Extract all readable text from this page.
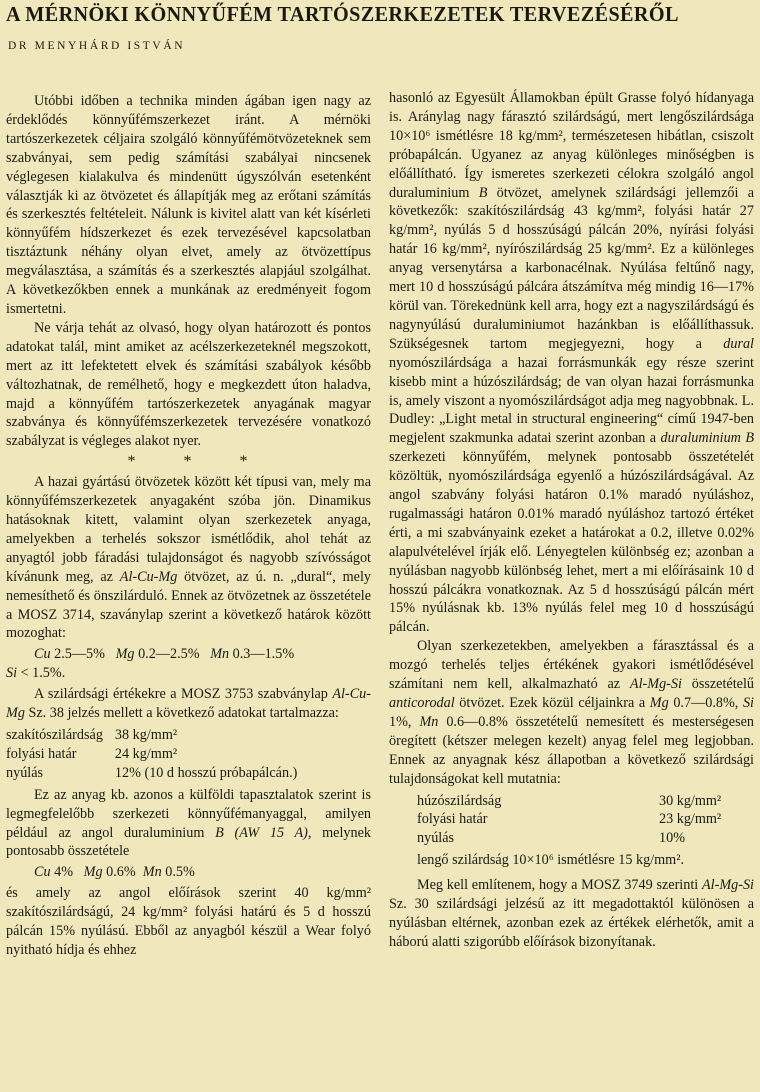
A MÉRNÖKI KÖNNYŰFÉM TARTÓSZERKEZETEK TERVEZÉSÉRŐL
DR MENYHÁRD ISTVÁN

Utóbbi időben a technika minden ágában igen nagy az érdeklődés könnyűfémszerkezet iránt. A mérnöki tartószerkezetek céljaira szolgáló könnyűfémötvözeteknek sem szabványai, sem pedig számítási szabályai nincsenek véglegesen kialakulva és mindenütt úgyszólván esetenként választják ki az ötvözetet és állapítják meg az erőtani számítás és szerkesztés feltételeit. Nálunk is kivitel alatt van két kísérleti könnyűfém hídszerkezet és ezek tervezésével kapcsolatban tisztáztunk néhány olyan elvet, amely az ötvözettípus megválasztása, a számítás és a szerkesztés alapjául szolgálhat. A következőkben ennek a munkának az eredményeit fogom ismertetni.

Ne várja tehát az olvasó, hogy olyan határozott és pontos adatokat talál, mint amiket az acélszerkezeteknél megszokott, mert az itt lefektetett elvek és számítási szabályok később változhatnak, de remélhető, hogy e megkezdett úton haladva, majd a könnyűfém tartószerkezetek anyagának magyar szabványa és könnyűfémszerkezetek tervezésére vonatkozó szabályzat is végleges alakot nyer.

* * *

A hazai gyártású ötvözetek között két típusi van, mely ma könnyűfémszerkezetek anyagaként szóba jön. Dinamikus hatásoknak kitett, valamint olyan szerkezetek anyaga, amelyekben a terhelés sokszor ismétlődik, ahol tehát az anyagtól jobb fáradási tulajdonságot és nagyobb szívósságot kívánunk meg, az Al-Cu-Mg ötvözet, az ú. n. „dural“, mely nemesíthető és önszilárduló. Ennek az ötvözetnek az összetétele a MOSZ 3714, szaványlap szerint a következő határok között mozoghat:

Cu 2.5—5% Mg 0.2—2.5% Mn 0.3—1.5%
Si < 1.5%.

A szilárdsági értékekre a MOSZ 3753 szabványlap Al-Cu-Mg Sz. 38 jelzés mellett a következő adatokat tartalmazza:

szakítószilárdság	38 kg/mm²
folyási határ	24 kg/mm²
nyúlás	12% (10 d hosszú próbapálcán.)

Ez az anyag kb. azonos a külföldi tapasztalatok szerint is legmegfelelőbb szerkezeti könnyűfémanyaggal, amilyen például az angol duraluminium B (AW 15 A), melynek pontosabb összetétele

Cu 4% Mg 0.6% Mn 0.5%

és amely az angol előírások szerint 40 kg/mm² szakítószilárdságú, 24 kg/mm² folyási határú és 5 d hosszú pálcán 15% nyúlású. Ebből az anyagból készül a Wear folyó nyitható hídja és ehhez

hasonló az Egyesült Államokban épült Grasse folyó hídanyaga is. Aránylag nagy fárasztó szilárdságú, mert lengőszilárdsága 10×10⁶ ismétlésre 18 kg/mm², természetesen hibátlan, csiszolt próbapálcán. Ugyanez az anyag különleges minőségben is előállítható. Így ismeretes szerkezeti célokra szolgáló angol duraluminium B ötvözet, amelynek szilárdsági jellemzői a következők: szakítószilárdság 43 kg/mm², folyási határ 27 kg/mm², nyúlás 5 d hosszúságú pálcán 20%, nyírási folyási határ 16 kg/mm², nyírószilárdság 25 kg/mm². Ez a különleges anyag versenytársa a karbonacélnak. Nyúlása feltűnő nagy, mert 10 d hosszúságú pálcára átszámítva még mindig 16—17% körül van. Törekednünk kell arra, hogy ezt a nagyszilárdságú és nagynyúlású duraluminiumot hazánkban is előállíthassuk. Szükségesnek tartom megjegyezni, hogy a dural nyomószilárdsága a hazai forrásmunkák egy része szerint kisebb mint a húzószilárdság; de van olyan hazai forrásmunka is, amely viszont a nyomószilárdságot adja meg nagyobbnak. L. Dudley: „Light metal in structural engineering“ című 1947-ben megjelent szakmunka adatai szerint azonban a duraluminium B szerkezeti könnyűfém, melynek pontosabb összetételét közöltük, nyomószilárdsága egyenlő a húzószilárdságával. Az angol szabvány folyási határon 0.1% maradó nyúláshoz, rugalmassági határon 0.01% maradó nyúláshoz tartozó értéket érti, a mi szabványaink ezeket a határokat a 0.2, illetve 0.02% alapulvételével írják elő. Lényegtelen különbség ez; azonban a nyúlásban nagyobb különbség lehet, mert a mi előírásaink 10 d hosszú pálcákra vonatkoznak. Az 5 d hosszúságú pálcán mért 15% nyúlásnak kb. 13% nyúlás felel meg 10 d hosszúságú pálcán.

Olyan szerkezetekben, amelyekben a fárasztással és a mozgó terhelés teljes értékének gyakori ismétlődésével számítani nem kell, alkalmazható az Al-Mg-Si összetételű anticorodal ötvözet. Ezek közül céljainkra a Mg 0.7—0.8%, Si 1%, Mn 0.6—0.8% összetételű nemesített és mesterségesen öregített (kétszer melegen kezelt) anyag felel meg legjobban. Ennek az anyagnak kész állapotban a következő szilárdsági tulajdonságokat kell mutatnia:

húzószilárdság	30 kg/mm²
folyási határ	23 kg/mm²
nyúlás	10%
lengő szilárdság 10×10⁶ ismétlésre 15 kg/mm².

Meg kell említenem, hogy a MOSZ 3749 szerinti Al-Mg-Si Sz. 30 szilárdsági jelzésű az itt megadottaktól különösen a nyúlásban eltérnek, azonban ezek az értékek elérhetők, amit a háború alatti szigorúbb előírások bizonyítanak.
